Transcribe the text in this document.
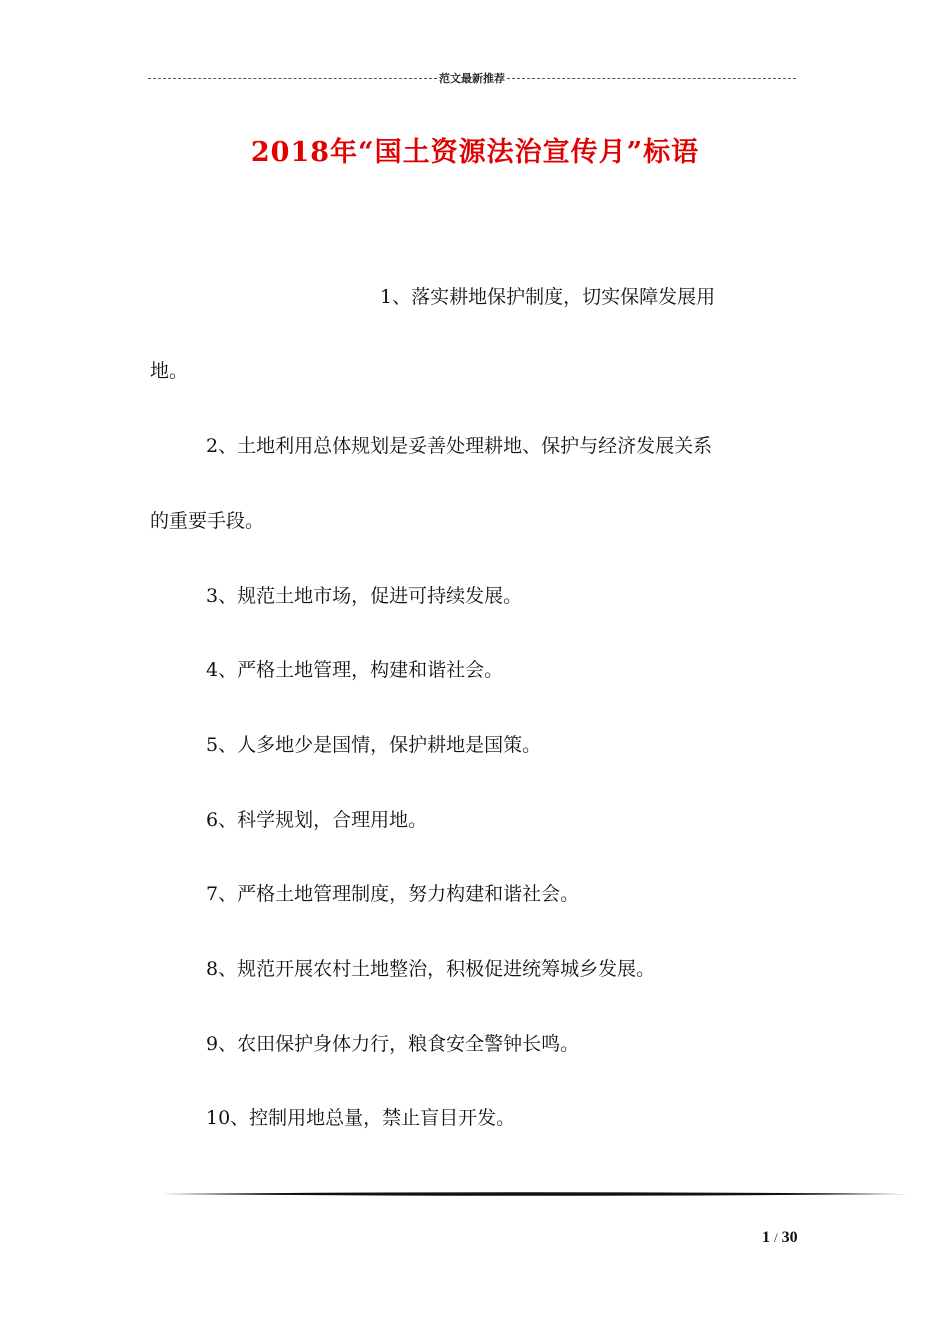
范文最新推荐
2018年“国土资源法治宣传月”标语
1、落实耕地保护制度，切实保障发展用
地。
2、土地利用总体规划是妥善处理耕地、保护与经济发展关系
的重要手段。
3、规范土地市场，促进可持续发展。
4、严格土地管理，构建和谐社会。
5、人多地少是国情，保护耕地是国策。
6、科学规划，合理用地。
7、严格土地管理制度，努力构建和谐社会。
8、规范开展农村土地整治，积极促进统筹城乡发展。
9、农田保护身体力行，粮食安全警钟长鸣。
10、控制用地总量，禁止盲目开发。
1 / 30
